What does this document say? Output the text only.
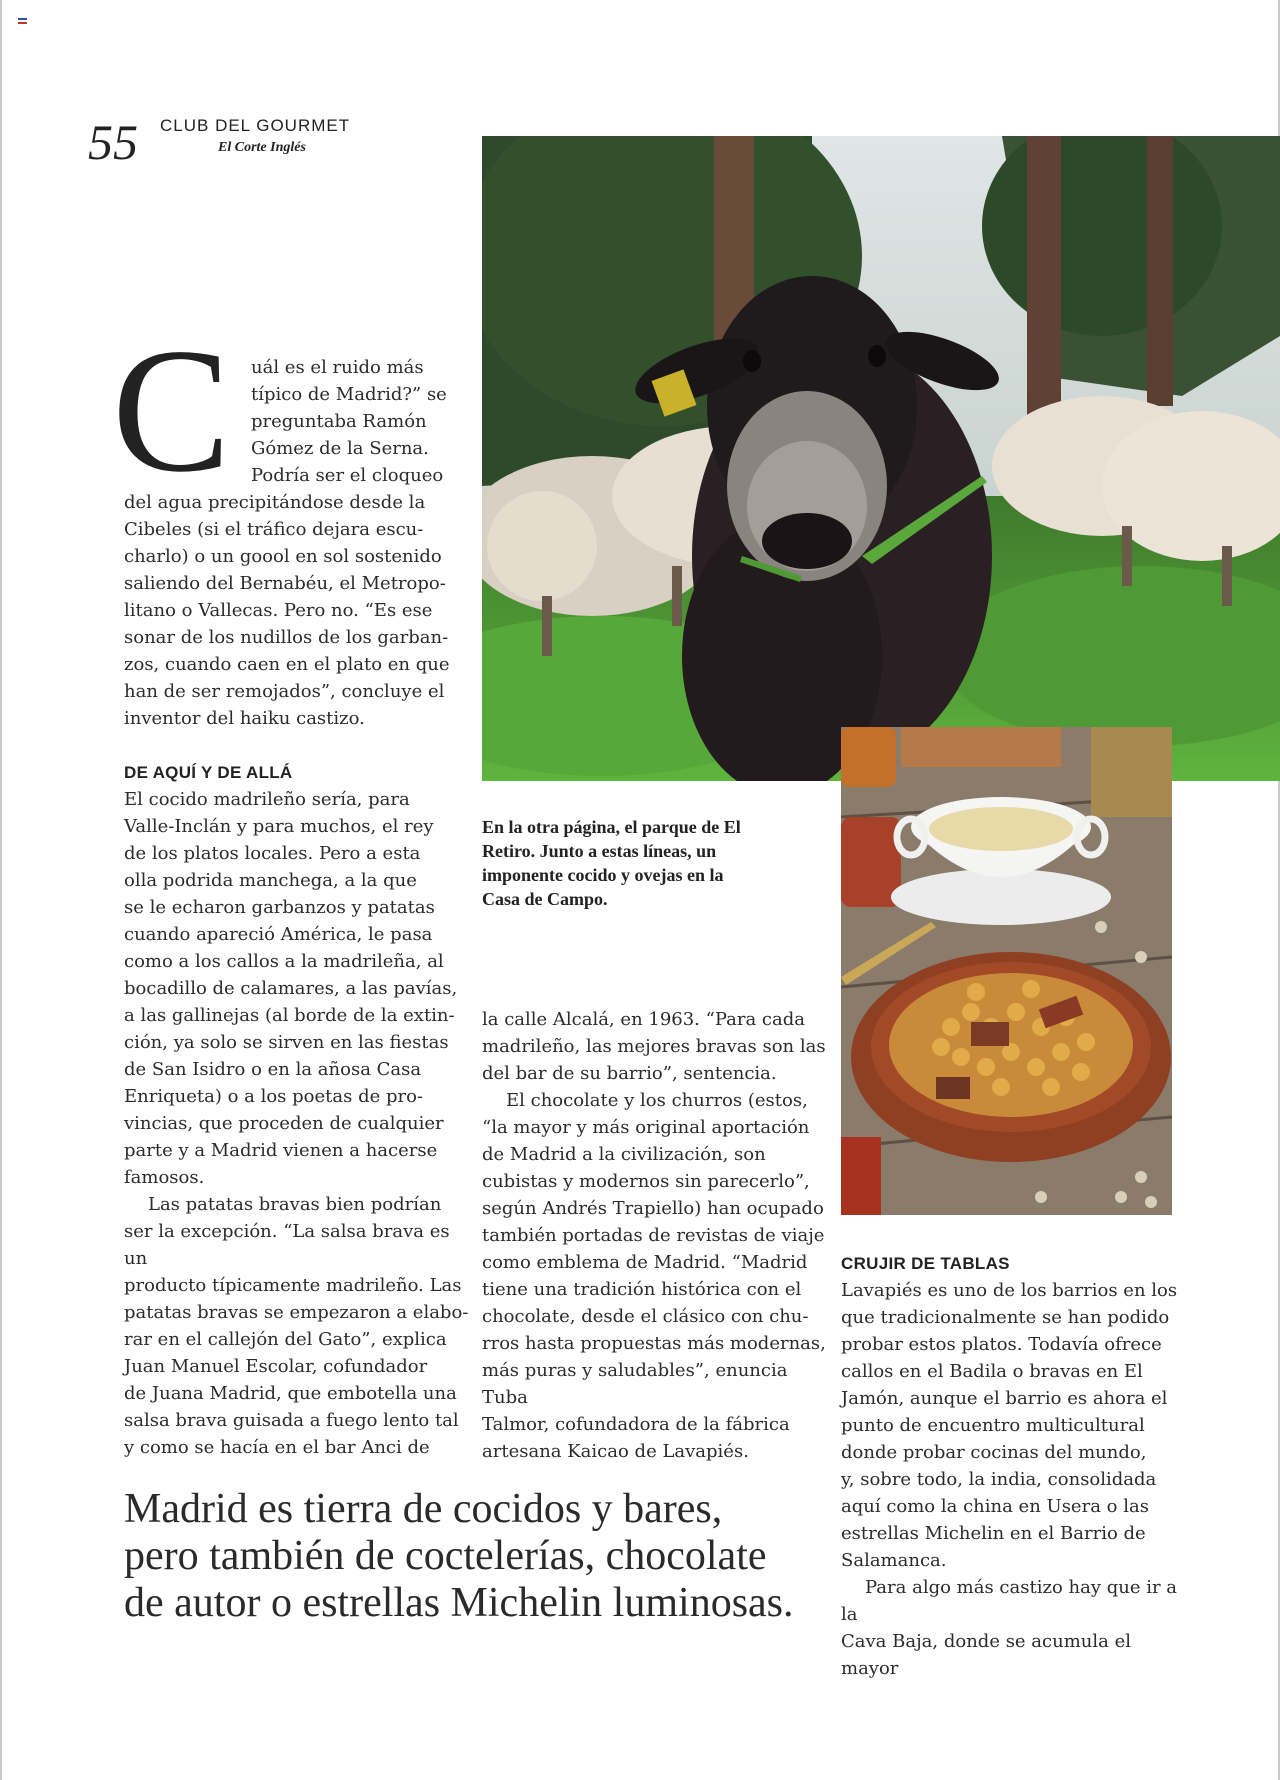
55 CLUB DEL GOURMET
El Corte Inglés
C uál es el ruido más

típico de Madrid?” se

preguntaba Ramón

Gómez de la Serna.

Podría ser el cloqueo

del agua precipitándose desde la

Cibeles (si el tráfico dejara escu-

charlo) o un goool en sol sostenido

saliendo del Bernabéu, el Metropo-

litano o Vallecas. Pero no. “Es ese

sonar de los nudillos de los garban-

zos, cuando caen en el plato en que

han de ser remojados”, concluye el

inventor del haiku castizo.

DE AQUÍ Y DE ALLÁ

El cocido madrileño sería, para

Valle-Inclán y para muchos, el rey

de los platos locales. Pero a esta

olla podrida manchega, a la que

se le echaron garbanzos y patatas

cuando apareció América, le pasa

como a los callos a la madrileña, al

bocadillo de calamares, a las pavías,

a las gallinejas (al borde de la extin-

ción, ya solo se sirven en las fiestas

de San Isidro o en la añosa Casa

Enriqueta) o a los poetas de pro-

vincias, que proceden de cualquier

parte y a Madrid vienen a hacerse

famosos.

Las patatas bravas bien podrían

ser la excepción. “La salsa brava es un

producto típicamente madrileño. Las

patatas bravas se empezaron a elabo-

rar en el callejón del Gato”, explica

Juan Manuel Escolar, cofundador

de Juana Madrid, que embotella una

salsa brava guisada a fuego lento tal

y como se hacía en el bar Anci de

En la otra página, el parque de El Retiro. Junto a estas líneas, un imponente cocido y ovejas en la Casa de Campo.

la calle Alcalá, en 1963. “Para cada

madrileño, las mejores bravas son las

del bar de su barrio”, sentencia.

El chocolate y los churros (estos,

“la mayor y más original aportación

de Madrid a la civilización, son

cubistas y modernos sin parecerlo”,

según Andrés Trapiello) han ocupado

también portadas de revistas de viaje

como emblema de Madrid. “Madrid

tiene una tradición histórica con el

chocolate, desde el clásico con chu-

rros hasta propuestas más modernas,

más puras y saludables”, enuncia Tuba

Talmor, cofundadora de la fábrica

artesana Kaicao de Lavapiés.

CRUJIR DE TABLAS

Lavapiés es uno de los barrios en los

que tradicionalmente se han podido

probar estos platos. Todavía ofrece

callos en el Badila o bravas en El

Jamón, aunque el barrio es ahora el

punto de encuentro multicultural

donde probar cocinas del mundo,

y, sobre todo, la india, consolidada

aquí como la china en Usera o las

estrellas Michelin en el Barrio de

Salamanca.

Para algo más castizo hay que ir a la

Cava Baja, donde se acumula el mayor

Madrid es tierra de cocidos y bares,

pero también de coctelerías, chocolate

de autor o estrellas Michelin luminosas.
